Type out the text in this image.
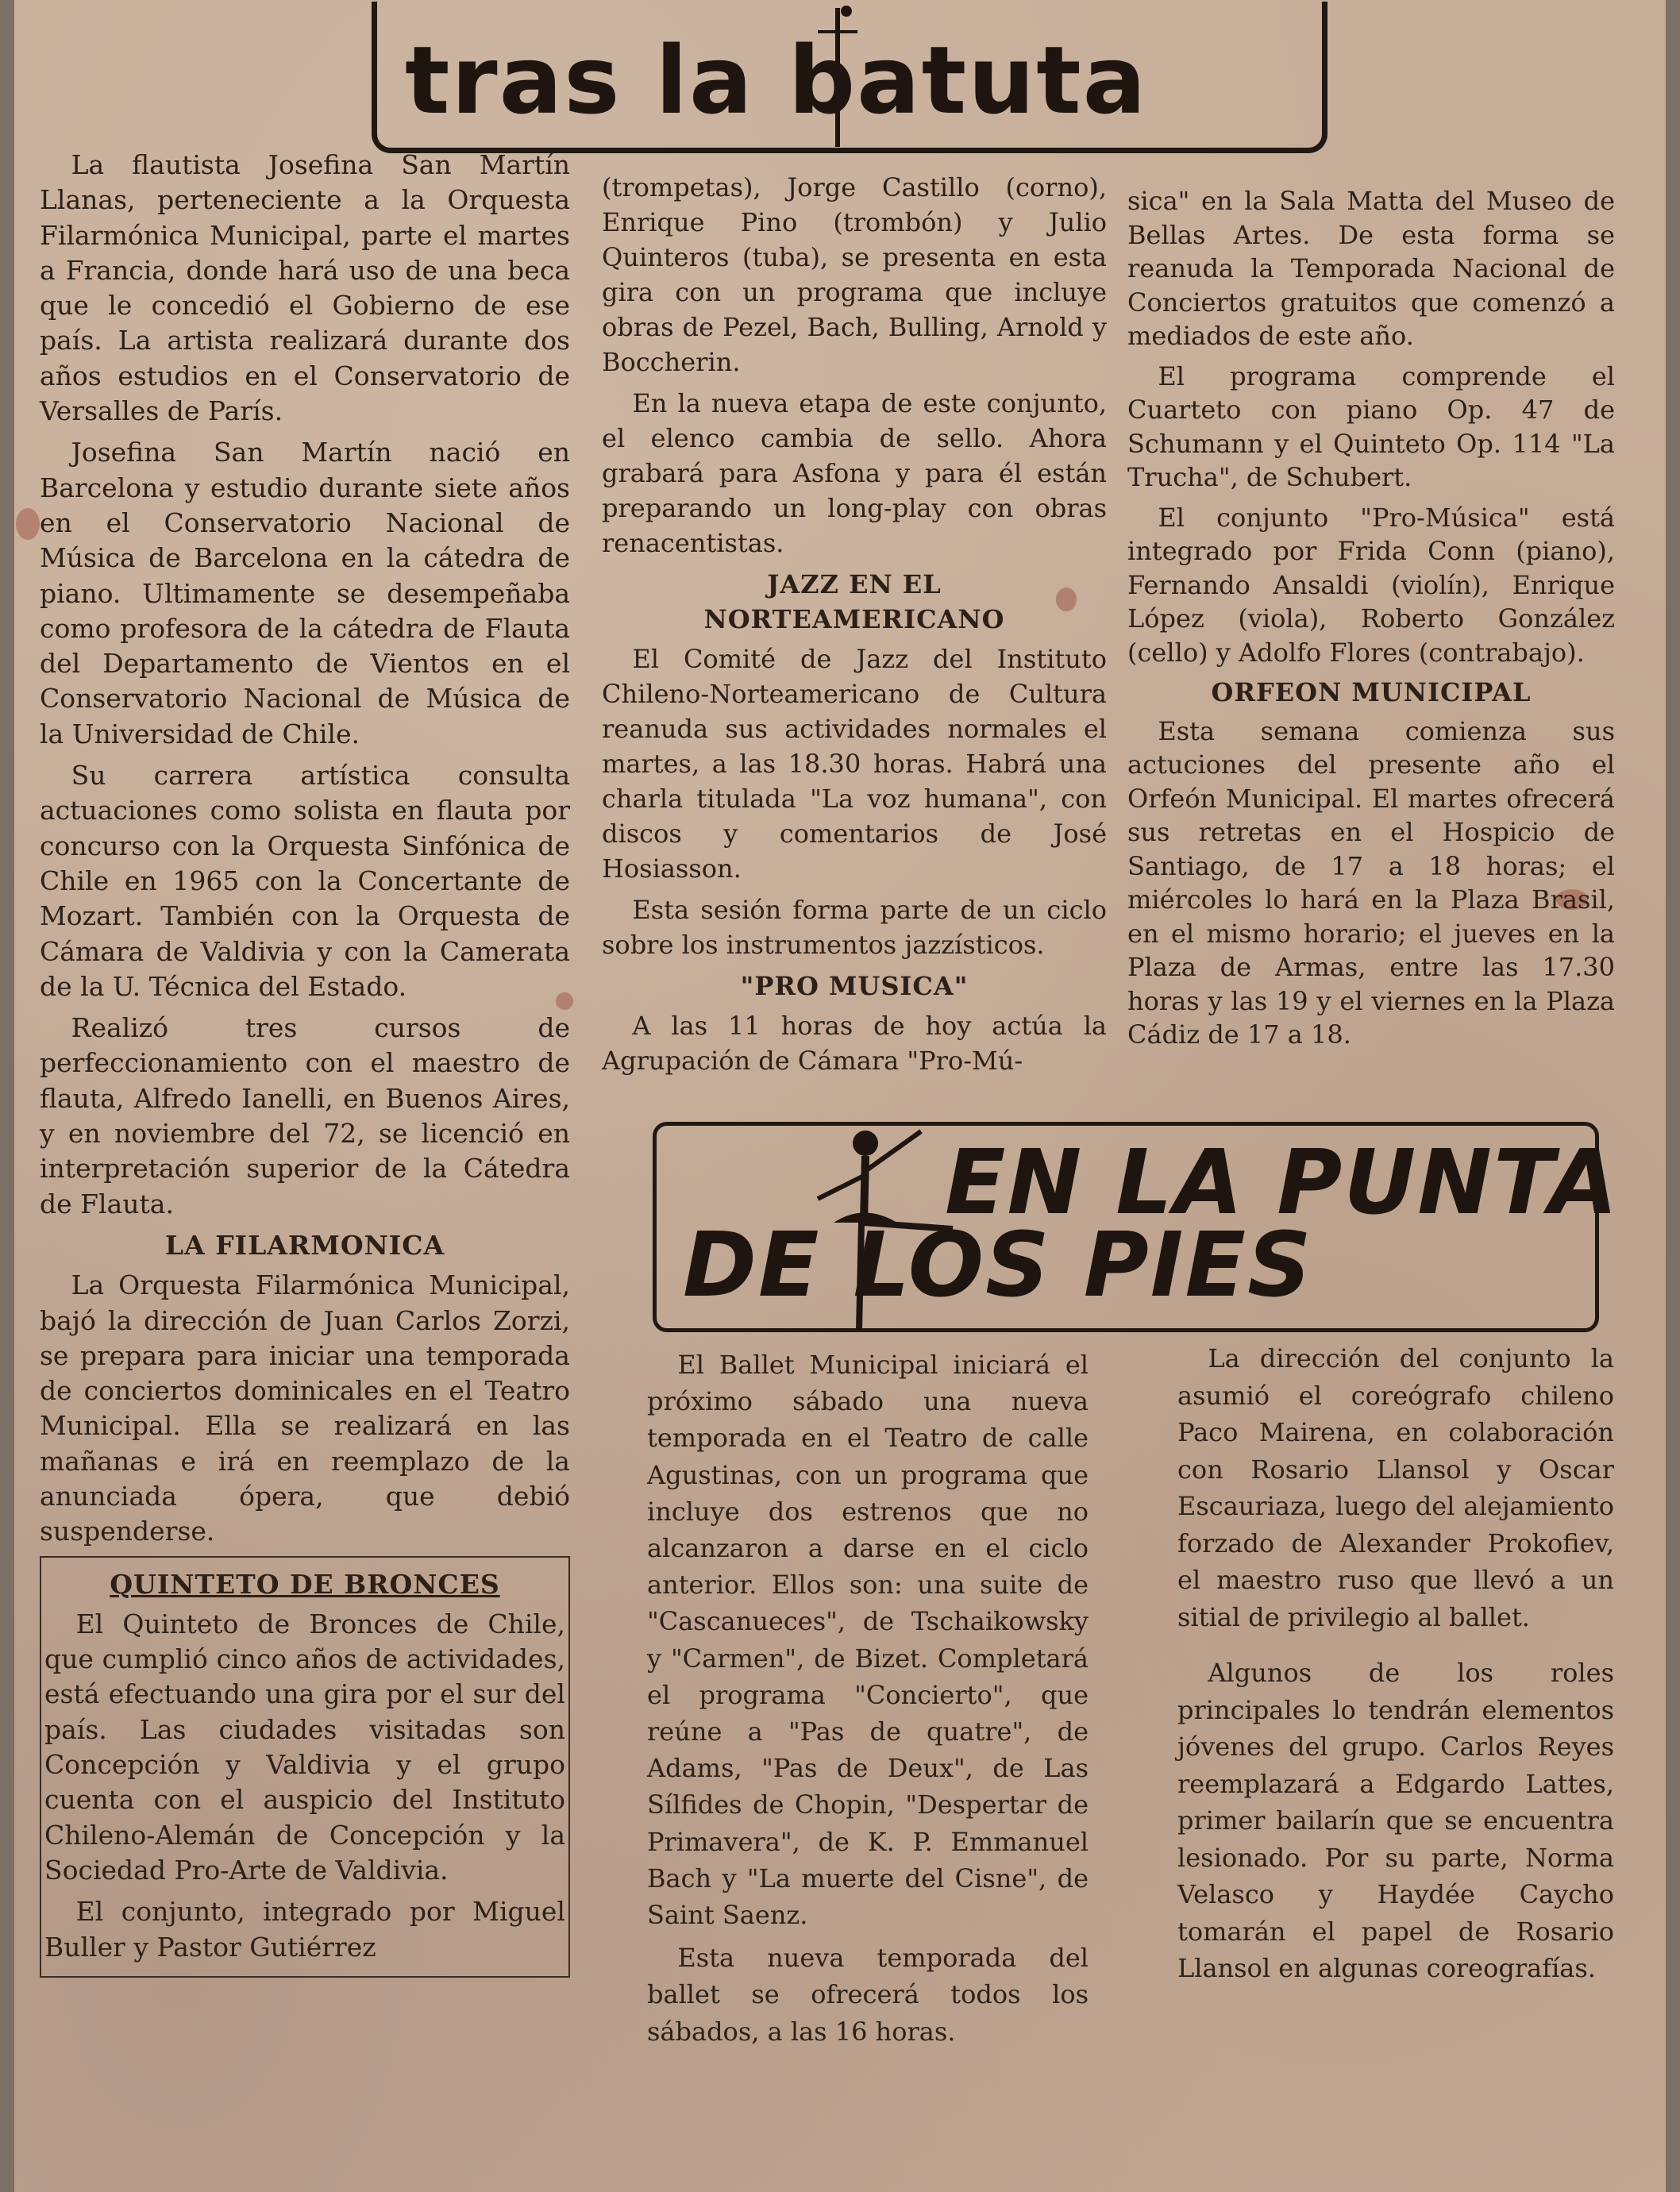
tras la batuta

La flautista Josefina San Martín Llanas, perteneciente a la Orquesta Filarmónica Municipal, parte el martes a Francia, donde hará uso de una beca que le concedió el Gobierno de ese país. La artista realizará durante dos años estudios en el Conservatorio de Versalles de París.

Josefina San Martín nació en Barcelona y estudio durante siete años en el Conservatorio Nacional de Música de Barcelona en la cátedra de piano. Ultimamente se desempeñaba como profesora de la cátedra de Flauta del Departamento de Vientos en el Conservatorio Nacional de Música de la Universidad de Chile.

Su carrera artística consulta actuaciones como solista en flauta por concurso con la Orquesta Sinfónica de Chile en 1965 con la Concertante de Mozart. También con la Orquesta de Cámara de Valdivia y con la Camerata de la U. Técnica del Estado.

Realizó tres cursos de perfeccionamiento con el maestro de flauta, Alfredo Ianelli, en Buenos Aires, y en noviembre del 72, se licenció en interpretación superior de la Cátedra de Flauta.

LA FILARMONICA

La Orquesta Filarmónica Municipal, bajó la dirección de Juan Carlos Zorzi, se prepara para iniciar una temporada de conciertos dominicales en el Teatro Municipal. Ella se realizará en las mañanas e irá en reemplazo de la anunciada ópera, que debió suspenderse.

QUINTETO DE BRONCES

El Quinteto de Bronces de Chile, que cumplió cinco años de actividades, está efectuando una gira por el sur del país. Las ciudades visitadas son Concepción y Valdivia y el grupo cuenta con el auspicio del Instituto Chileno-Alemán de Concepción y la Sociedad Pro-Arte de Valdivia.

El conjunto, integrado por Miguel Buller y Pastor Gutiérrez

(trompetas), Jorge Castillo (corno), Enrique Pino (trombón) y Julio Quinteros (tuba), se presenta en esta gira con un programa que incluye obras de Pezel, Bach, Bulling, Arnold y Boccherin.

En la nueva etapa de este conjunto, el elenco cambia de sello. Ahora grabará para Asfona y para él están preparando un long-play con obras renacentistas.

JAZZ EN EL
NORTEAMERICANO

El Comité de Jazz del Instituto Chileno-Norteamericano de Cultura reanuda sus actividades normales el martes, a las 18.30 horas. Habrá una charla titulada "La voz humana", con discos y comentarios de José Hosiasson.

Esta sesión forma parte de un ciclo sobre los instrumentos jazzísticos.

"PRO MUSICA"

A las 11 horas de hoy actúa la Agrupación de Cámara "Pro-Mú-

sica" en la Sala Matta del Museo de Bellas Artes. De esta forma se reanuda la Temporada Nacional de Conciertos gratuitos que comenzó a mediados de este año.

El programa comprende el Cuarteto con piano Op. 47 de Schumann y el Quinteto Op. 114 "La Trucha", de Schubert.

El conjunto "Pro-Música" está integrado por Frida Conn (piano), Fernando Ansaldi (violín), Enrique López (viola), Roberto González (cello) y Adolfo Flores (contrabajo).

ORFEON MUNICIPAL

Esta semana comienza sus actuciones del presente año el Orfeón Municipal. El martes ofrecerá sus retretas en el Hospicio de Santiago, de 17 a 18 horas; el miércoles lo hará en la Plaza Brasil, en el mismo horario; el jueves en la Plaza de Armas, entre las 17.30 horas y las 19 y el viernes en la Plaza Cádiz de 17 a 18.

EN LA PUNTA
DE LOS PIES

El Ballet Municipal iniciará el próximo sábado una nueva temporada en el Teatro de calle Agustinas, con un programa que incluye dos estrenos que no alcanzaron a darse en el ciclo anterior. Ellos son: una suite de "Cascanueces", de Tschaikowsky y "Carmen", de Bizet. Completará el programa "Concierto", que reúne a "Pas de quatre", de Adams, "Pas de Deux", de Las Sílfides de Chopin, "Despertar de Primavera", de K. P. Emmanuel Bach y "La muerte del Cisne", de Saint Saenz.

Esta nueva temporada del ballet se ofrecerá todos los sábados, a las 16 horas.

La dirección del conjunto la asumió el coreógrafo chileno Paco Mairena, en colaboración con Rosario Llansol y Oscar Escauriaza, luego del alejamiento forzado de Alexander Prokofiev, el maestro ruso que llevó a un sitial de privilegio al ballet.

Algunos de los roles principales lo tendrán elementos jóvenes del grupo. Carlos Reyes reemplazará a Edgardo Lattes, primer bailarín que se encuentra lesionado. Por su parte, Norma Velasco y Haydée Caycho tomarán el papel de Rosario Llansol en algunas coreografías.
